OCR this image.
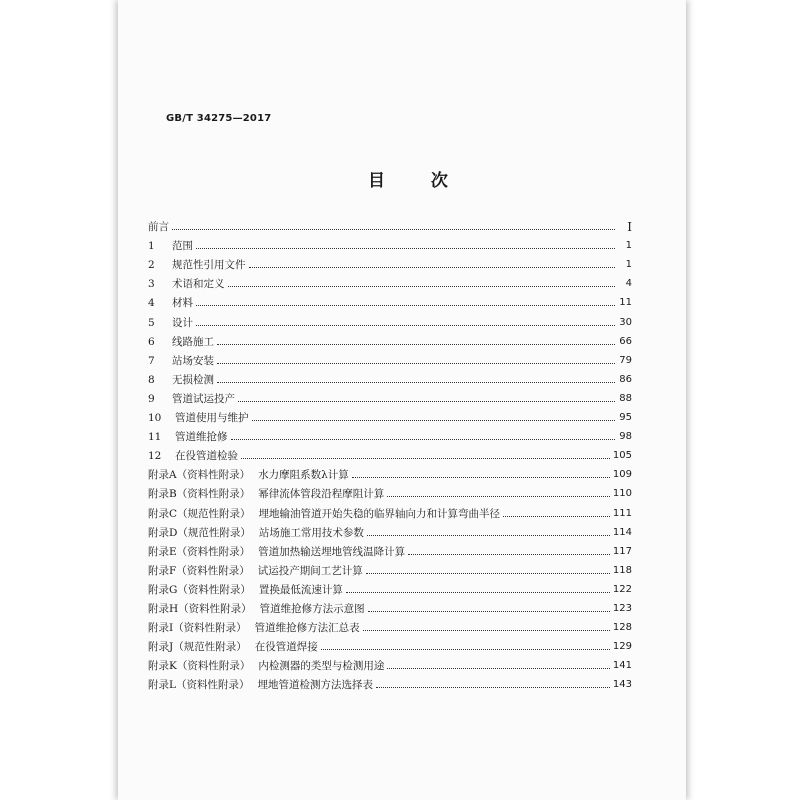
GB/T 34275—2017
目 次
前言	Ⅰ
1	范围	1
2	规范性引用文件	1
3	术语和定义	4
4	材料	11
5	设计	30
6	线路施工	66
7	站场安装	79
8	无损检测	86
9	管道试运投产	88
10	管道使用与维护	95
11	管道维抢修	98
12	在役管道检验	105
附录A（资料性附录） 水力摩阻系数λ计算	109
附录B（资料性附录） 幂律流体管段沿程摩阻计算	110
附录C（规范性附录） 埋地输油管道开始失稳的临界轴向力和计算弯曲半径	111
附录D（规范性附录） 站场施工常用技术参数	114
附录E（资料性附录） 管道加热输送埋地管线温降计算	117
附录F（资料性附录） 试运投产期间工艺计算	118
附录G（资料性附录） 置换最低流速计算	122
附录H（资料性附录） 管道维抢修方法示意图	123
附录I（资料性附录） 管道维抢修方法汇总表	128
附录J（规范性附录） 在役管道焊接	129
附录K（资料性附录） 内检测器的类型与检测用途	141
附录L（资料性附录） 埋地管道检测方法选择表	143
